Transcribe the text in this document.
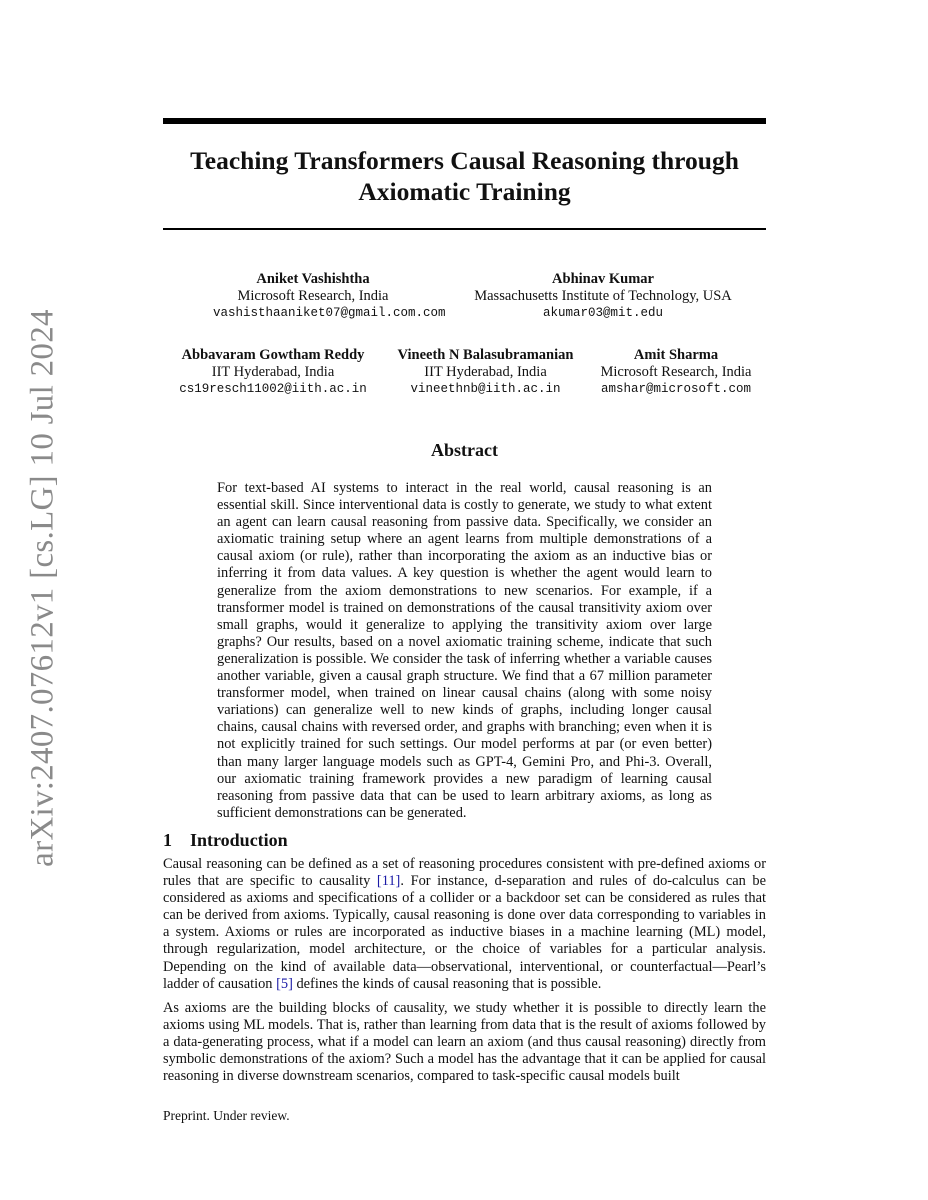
arXiv:2407.07612v1 [cs.LG] 10 Jul 2024
Teaching Transformers Causal Reasoning through Axiomatic Training
Aniket Vashishtha
Microsoft Research, India
vashisthaaniket07@gmail.com.com
Abhinav Kumar
Massachusetts Institute of Technology, USA
akumar03@mit.edu
Abbavaram Gowtham Reddy
IIT Hyderabad, India
cs19resch11002@iith.ac.in
Vineeth N Balasubramanian
IIT Hyderabad, India
vineethnb@iith.ac.in
Amit Sharma
Microsoft Research, India
amshar@microsoft.com
Abstract
For text-based AI systems to interact in the real world, causal reasoning is an essential skill. Since interventional data is costly to generate, we study to what extent an agent can learn causal reasoning from passive data. Specifically, we consider an axiomatic training setup where an agent learns from multiple demonstrations of a causal axiom (or rule), rather than incorporating the axiom as an inductive bias or inferring it from data values. A key question is whether the agent would learn to generalize from the axiom demonstrations to new scenarios. For example, if a transformer model is trained on demonstrations of the causal transitivity axiom over small graphs, would it generalize to applying the transitivity axiom over large graphs? Our results, based on a novel axiomatic training scheme, indicate that such generalization is possible. We consider the task of inferring whether a variable causes another variable, given a causal graph structure. We find that a 67 million parameter transformer model, when trained on linear causal chains (along with some noisy variations) can generalize well to new kinds of graphs, including longer causal chains, causal chains with reversed order, and graphs with branching; even when it is not explicitly trained for such settings. Our model performs at par (or even better) than many larger language models such as GPT-4, Gemini Pro, and Phi-3. Overall, our axiomatic training framework provides a new paradigm of learning causal reasoning from passive data that can be used to learn arbitrary axioms, as long as sufficient demonstrations can be generated.
1 Introduction
Causal reasoning can be defined as a set of reasoning procedures consistent with pre-defined axioms or rules that are specific to causality [11]. For instance, d-separation and rules of do-calculus can be considered as axioms and specifications of a collider or a backdoor set can be considered as rules that can be derived from axioms. Typically, causal reasoning is done over data corresponding to variables in a system. Axioms or rules are incorporated as inductive biases in a machine learning (ML) model, through regularization, model architecture, or the choice of variables for a particular analysis. Depending on the kind of available data—observational, interventional, or counterfactual—Pearl’s ladder of causation [5] defines the kinds of causal reasoning that is possible.
As axioms are the building blocks of causality, we study whether it is possible to directly learn the axioms using ML models. That is, rather than learning from data that is the result of axioms followed by a data-generating process, what if a model can learn an axiom (and thus causal reasoning) directly from symbolic demonstrations of the axiom? Such a model has the advantage that it can be applied for causal reasoning in diverse downstream scenarios, compared to task-specific causal models built
Preprint. Under review.
